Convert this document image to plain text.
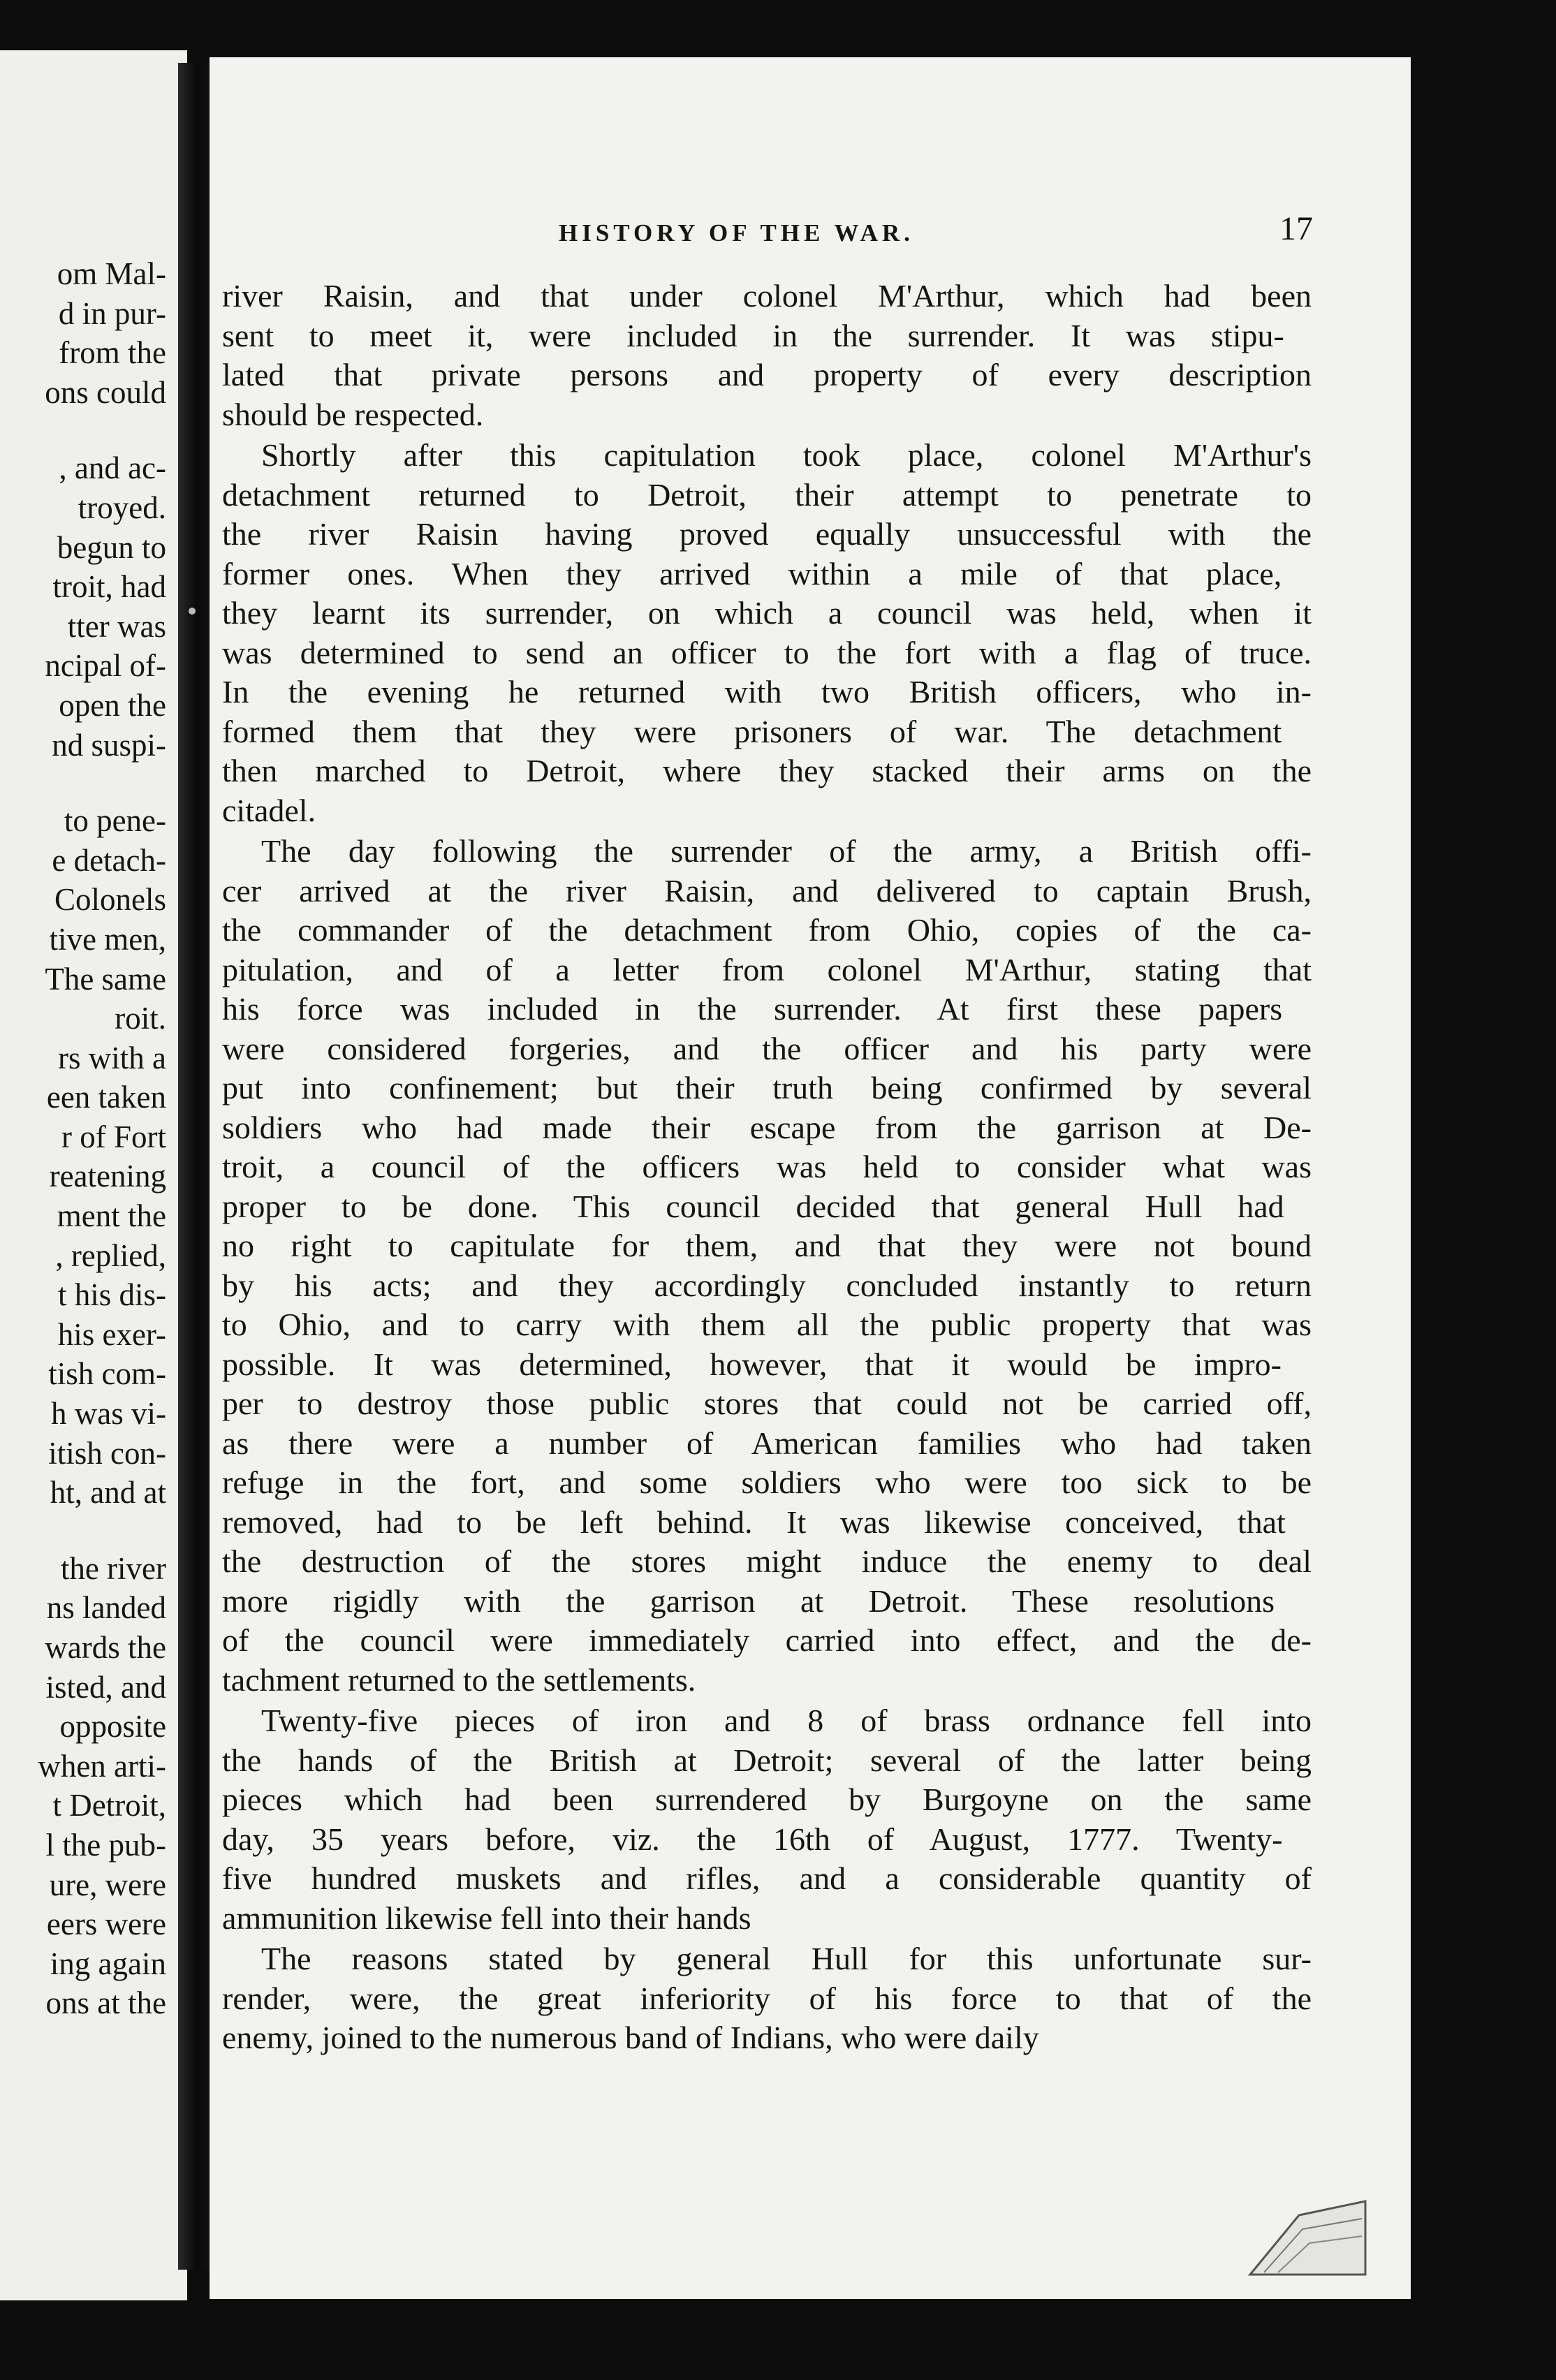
om Mal-
d in pur-
from the
ons could
, and ac-
troyed.
begun to
troit, had
tter was
ncipal of-
open the
nd suspi-
to pene-
e detach-
Colonels
tive men,
The same
roit.
rs with a
een taken
r of Fort
reatening
ment the
, replied,
t his dis-
his exer-
tish com-
h was vi-
itish con-
ht, and at
the river
ns landed
wards the
isted, and
opposite
when arti-
t Detroit,
l the pub-
ure, were
eers were
ing again
ons at the
HISTORY OF THE WAR.	17
river Raisin, and that under colonel M'Arthur, which had been
sent to meet it, were included in the surrender. It was stipu-
lated that private persons and property of every description
should be respected.
Shortly after this capitulation took place, colonel M'Arthur's
detachment returned to Detroit, their attempt to penetrate to
the river Raisin having proved equally unsuccessful with the
former ones. When they arrived within a mile of that place,
they learnt its surrender, on which a council was held, when it
was determined to send an officer to the fort with a flag of truce.
In the evening he returned with two British officers, who in-
formed them that they were prisoners of war. The detachment
then marched to Detroit, where they stacked their arms on the
citadel.
The day following the surrender of the army, a British offi-
cer arrived at the river Raisin, and delivered to captain Brush,
the commander of the detachment from Ohio, copies of the ca-
pitulation, and of a letter from colonel M'Arthur, stating that
his force was included in the surrender. At first these papers
were considered forgeries, and the officer and his party were
put into confinement; but their truth being confirmed by several
soldiers who had made their escape from the garrison at De-
troit, a council of the officers was held to consider what was
proper to be done. This council decided that general Hull had
no right to capitulate for them, and that they were not bound
by his acts; and they accordingly concluded instantly to return
to Ohio, and to carry with them all the public property that was
possible. It was determined, however, that it would be impro-
per to destroy those public stores that could not be carried off,
as there were a number of American families who had taken
refuge in the fort, and some soldiers who were too sick to be
removed, had to be left behind. It was likewise conceived, that
the destruction of the stores might induce the enemy to deal
more rigidly with the garrison at Detroit. These resolutions
of the council were immediately carried into effect, and the de-
tachment returned to the settlements.
Twenty-five pieces of iron and 8 of brass ordnance fell into
the hands of the British at Detroit; several of the latter being
pieces which had been surrendered by Burgoyne on the same
day, 35 years before, viz. the 16th of August, 1777. Twenty-
five hundred muskets and rifles, and a considerable quantity of
ammunition likewise fell into their hands
The reasons stated by general Hull for this unfortunate sur-
render, were, the great inferiority of his force to that of the
enemy, joined to the numerous band of Indians, who were daily
